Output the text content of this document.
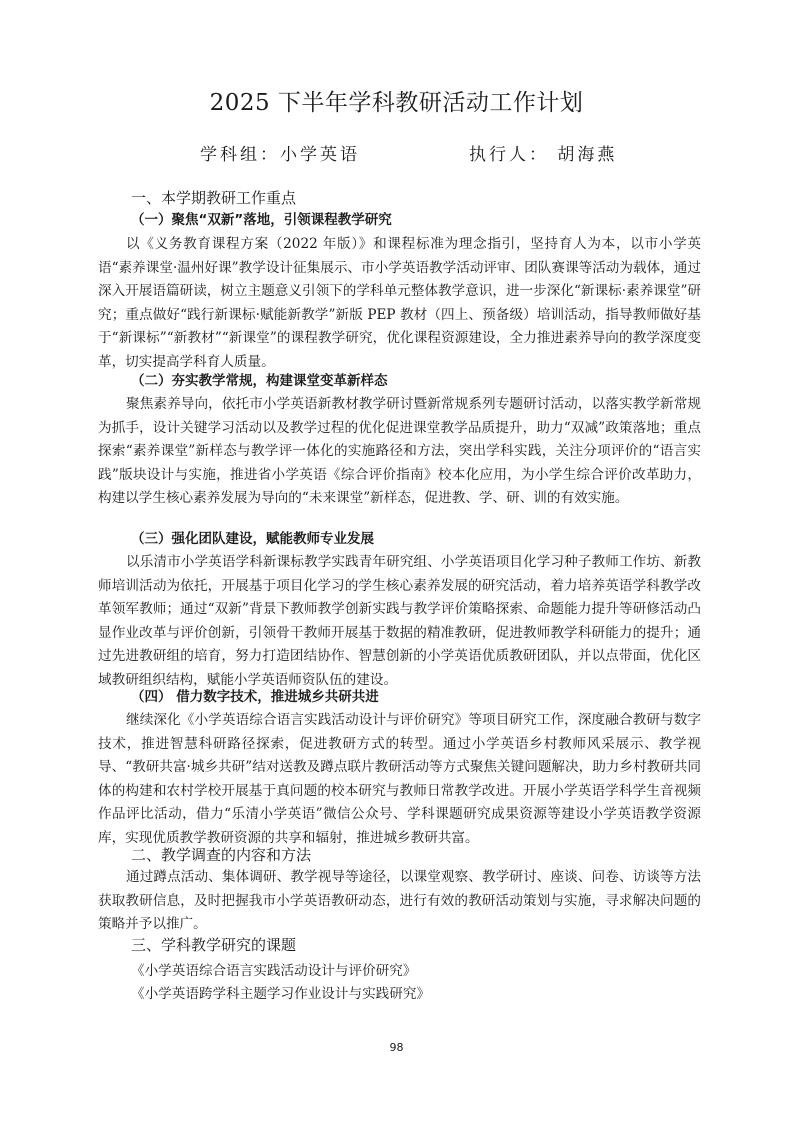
2025 下半年学科教研活动工作计划
学科组：小学英语	执行人： 胡海燕
一、本学期教研工作重点
（一）聚焦“双新”落地，引领课程教学研究

以《义务教育课程方案（2022 年版）》和课程标准为理念指引，坚持育人为本，以市小学英语“素养课堂·温州好课”教学设计征集展示、市小学英语教学活动评审、团队赛课等活动为载体，通过深入开展语篇研读，树立主题意义引领下的学科单元整体教学意识，进一步深化“新课标·素养课堂”研究；重点做好“践行新课标·赋能新教学”新版 PEP 教材（四上、预备级）培训活动，指导教师做好基于“新课标”“新教材”“新课堂”的课程教学研究，优化课程资源建设，全力推进素养导向的教学深度变革，切实提高学科育人质量。

（二）夯实教学常规，构建课堂变革新样态

聚焦素养导向，依托市小学英语新教材教学研讨暨新常规系列专题研讨活动，以落实教学新常规为抓手，设计关键学习活动以及教学过程的优化促进课堂教学品质提升，助力“双减”政策落地；重点探索“素养课堂”新样态与教学评一体化的实施路径和方法，突出学科实践，关注分项评价的“语言实践”版块设计与实施，推进省小学英语《综合评价指南》校本化应用，为小学生综合评价改革助力，构建以学生核心素养发展为导向的“未来课堂”新样态，促进教、学、研、训的有效实施。

（三）强化团队建设，赋能教师专业发展

以乐清市小学英语学科新课标教学实践青年研究组、小学英语项目化学习种子教师工作坊、新教师培训活动为依托，开展基于项目化学习的学生核心素养发展的研究活动，着力培养英语学科教学改革领军教师；通过“双新”背景下教师教学创新实践与教学评价策略探索、命题能力提升等研修活动凸显作业改革与评价创新，引领骨干教师开展基于数据的精准教研，促进教师教学科研能力的提升；通过先进教研组的培育，努力打造团结协作、智慧创新的小学英语优质教研团队，并以点带面，优化区域教研组织结构，赋能小学英语师资队伍的建设。

（四） 借力数字技术，推进城乡共研共进

继续深化《小学英语综合语言实践活动设计与评价研究》等项目研究工作，深度融合教研与数字技术，推进智慧科研路径探索，促进教研方式的转型。通过小学英语乡村教师风采展示、教学视导、“教研共富·城乡共研”结对送教及蹲点联片教研活动等方式聚焦关键问题解决，助力乡村教研共同体的构建和农村学校开展基于真问题的校本研究与教师日常教学改进。开展小学英语学科学生音视频作品评比活动，借力“乐清小学英语”微信公众号、学科课题研究成果资源等建设小学英语教学资源库，实现优质教学教研资源的共享和辐射，推进城乡教研共富。

二、教学调查的内容和方法

通过蹲点活动、集体调研、教学视导等途径，以课堂观察、教学研讨、座谈、问卷、访谈等方法获取教研信息，及时把握我市小学英语教研动态，进行有效的教研活动策划与实施，寻求解决问题的策略并予以推广。

三、学科教学研究的课题
《小学英语综合语言实践活动设计与评价研究》
《小学英语跨学科主题学习作业设计与实践研究》
98
